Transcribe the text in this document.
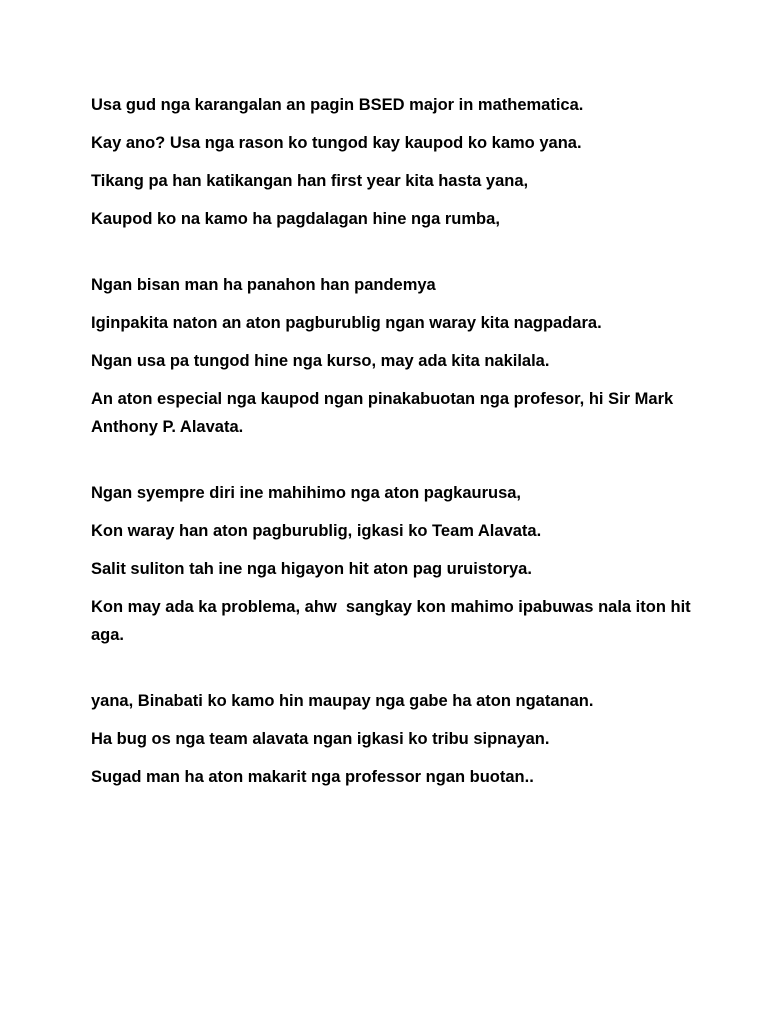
Usa gud nga karangalan an pagin BSED major in mathematica.

Kay ano? Usa nga rason ko tungod kay kaupod ko kamo yana.

Tikang pa han katikangan han first year kita hasta yana,

Kaupod ko na kamo ha pagdalagan hine nga rumba,

Ngan bisan man ha panahon han pandemya

Iginpakita naton an aton pagburublig ngan waray kita nagpadara.

Ngan usa pa tungod hine nga kurso, may ada kita nakilala.

An aton especial nga kaupod ngan pinakabuotan nga profesor, hi Sir Mark Anthony P. Alavata.

Ngan syempre diri ine mahihimo nga aton pagkaurusa,

Kon waray han aton pagburublig, igkasi ko Team Alavata.

Salit suliton tah ine nga higayon hit aton pag uruistorya.

Kon may ada ka problema, ahw  sangkay kon mahimo ipabuwas nala iton hit aga.

yana, Binabati ko kamo hin maupay nga gabe ha aton ngatanan.

Ha bug os nga team alavata ngan igkasi ko tribu sipnayan.

Sugad man ha aton makarit nga professor ngan buotan..
